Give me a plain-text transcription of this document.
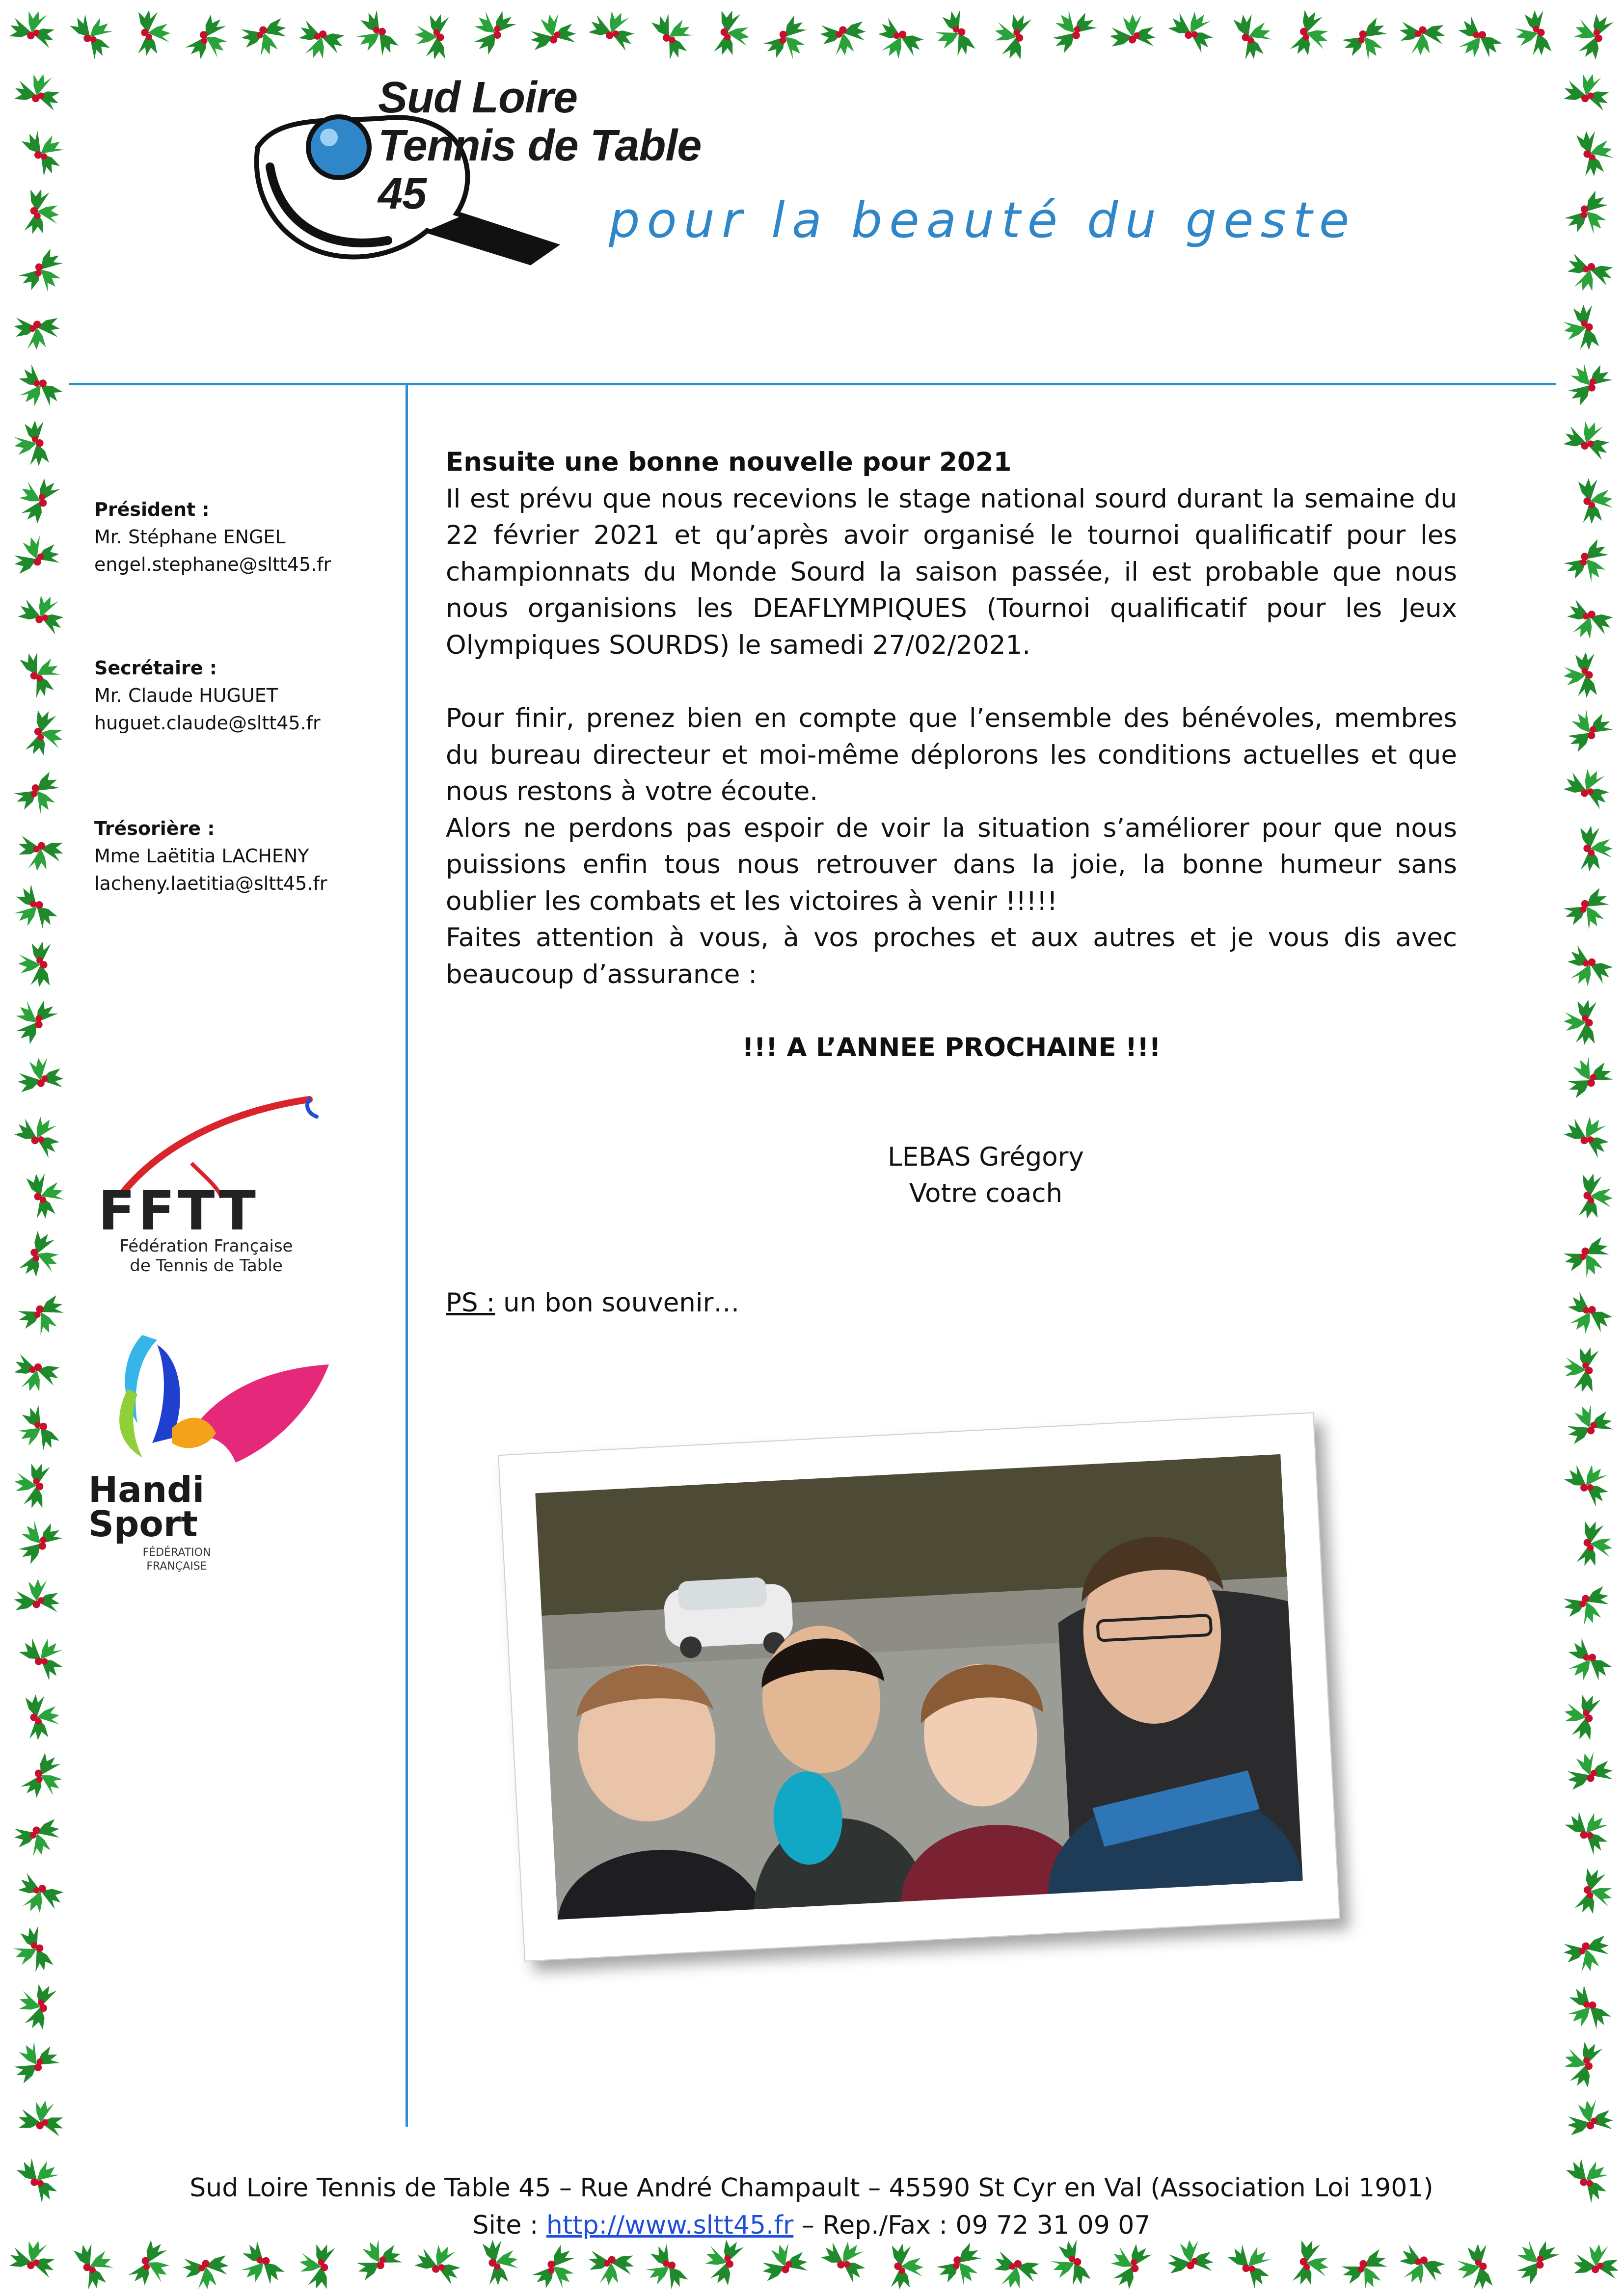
Sud Loire
Tennis de Table
45	pour la beauté du geste
Président :
Mr. Stéphane ENGEL
engel.stephane@sltt45.fr
Secrétaire :
Mr. Claude HUGUET
huguet.claude@sltt45.fr
Trésorière :
Mme Laëtitia LACHENY
lacheny.laetitia@sltt45.fr
FFTT
Fédération Française
de Tennis de Table
Handi
Sport
FÉDÉRATION
FRANÇAISE

Ensuite une bonne nouvelle pour 2021

Il est prévu que nous recevions le stage national sourd durant la semaine du 22 février 2021 et qu’après avoir organisé le tournoi qualificatif pour les championnats du Monde Sourd la saison passée, il est probable que nous nous organisions les DEAFLYMPIQUES (Tournoi qualificatif pour les Jeux Olympiques SOURDS) le samedi 27/02/2021.

Pour finir, prenez bien en compte que l’ensemble des bénévoles, membres du bureau directeur et moi-même déplorons les conditions actuelles et que nous restons à votre écoute.

Alors ne perdons pas espoir de voir la situation s’améliorer pour que nous puissions enfin tous nous retrouver dans la joie, la bonne humeur sans oublier les combats et les victoires à venir !!!!!

Faites attention à vous, à vos proches et aux autres et je vous dis avec beaucoup d’assurance :

!!! A L’ANNEE PROCHAINE !!!

LEBAS Grégory
Votre coach

PS : un bon souvenir…

Sud Loire Tennis de Table 45 – Rue André Champault – 45590 St Cyr en Val (Association Loi 1901)
Site : http://www.sltt45.fr – Rep./Fax : 09 72 31 09 07
